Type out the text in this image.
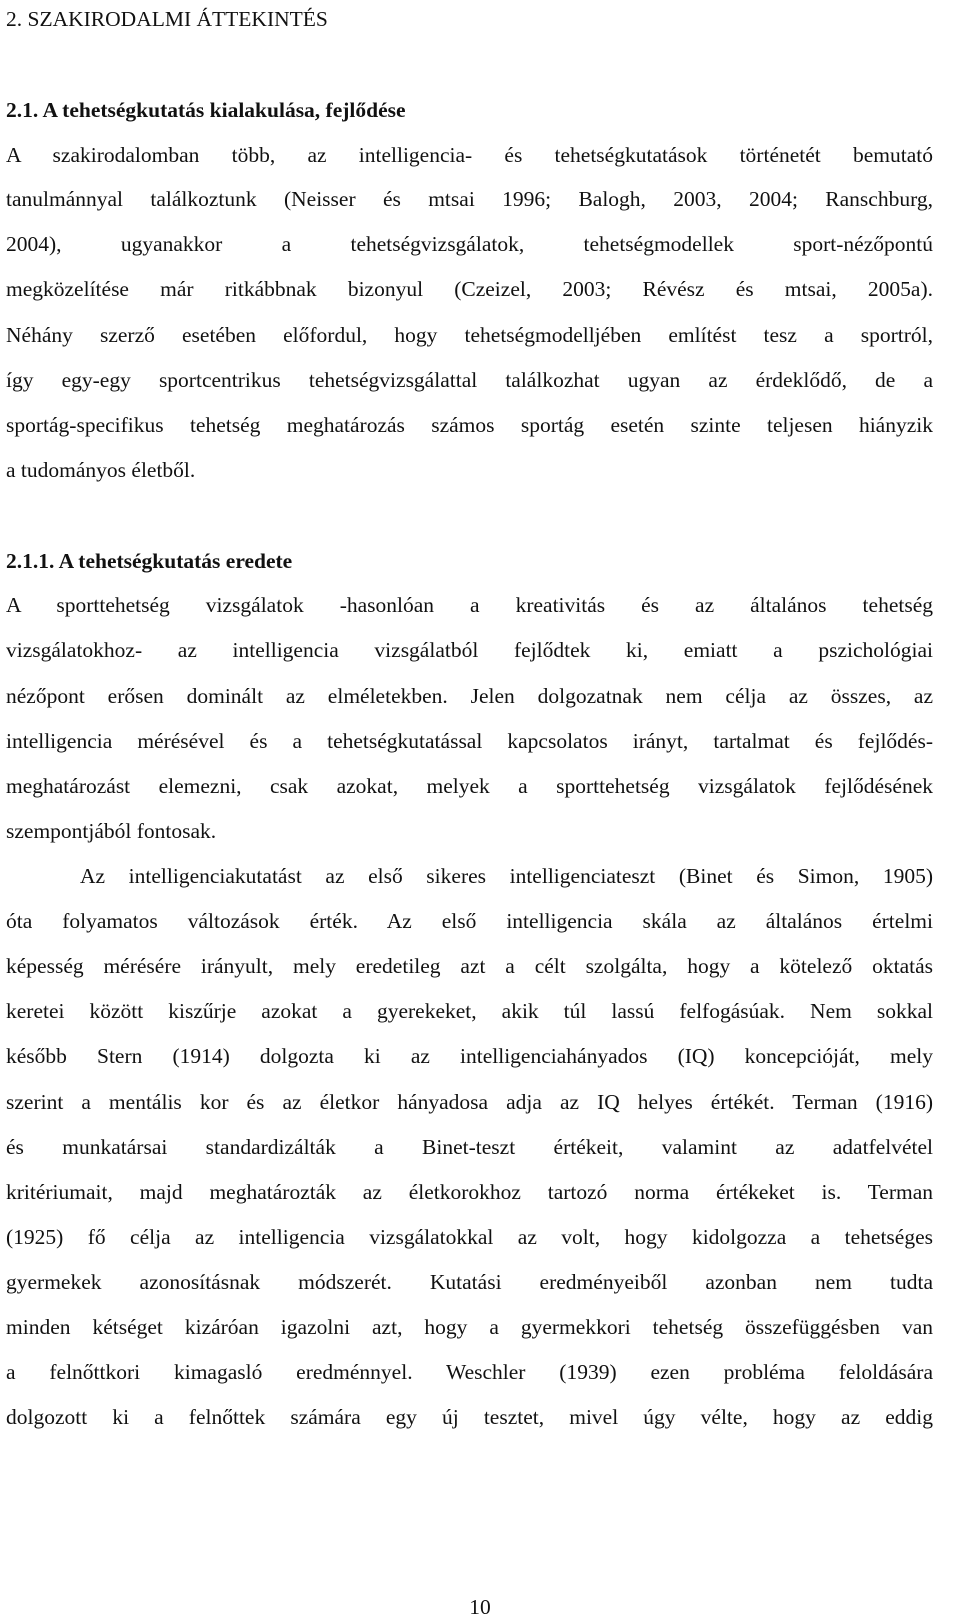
2. SZAKIRODALMI ÁTTEKINTÉS
2.1. A tehetségkutatás kialakulása, fejlődése
A szakirodalomban több, az intelligencia- és tehetségkutatások történetét bemutató
tanulmánnyal találkoztunk (Neisser és mtsai 1996; Balogh, 2003, 2004; Ranschburg,
2004), ugyanakkor a tehetségvizsgálatok, tehetségmodellek sport-nézőpontú
megközelítése már ritkábbnak bizonyul (Czeizel, 2003; Révész és mtsai, 2005a).
Néhány szerző esetében előfordul, hogy tehetségmodelljében említést tesz a sportról,
így egy-egy sportcentrikus tehetségvizsgálattal találkozhat ugyan az érdeklődő, de a
sportág-specifikus tehetség meghatározás számos sportág esetén szinte teljesen hiányzik
a tudományos életből.
2.1.1. A tehetségkutatás eredete
A sporttehetség vizsgálatok -hasonlóan a kreativitás és az általános tehetség
vizsgálatokhoz- az intelligencia vizsgálatból fejlődtek ki, emiatt a pszichológiai
nézőpont erősen dominált az elméletekben. Jelen dolgozatnak nem célja az összes, az
intelligencia mérésével és a tehetségkutatással kapcsolatos irányt, tartalmat és fejlődés-
meghatározást elemezni, csak azokat, melyek a sporttehetség vizsgálatok fejlődésének
szempontjából fontosak.
Az intelligenciakutatást az első sikeres intelligenciateszt (Binet és Simon, 1905)
óta folyamatos változások érték. Az első intelligencia skála az általános értelmi
képesség mérésére irányult, mely eredetileg azt a célt szolgálta, hogy a kötelező oktatás
keretei között kiszűrje azokat a gyerekeket, akik túl lassú felfogásúak. Nem sokkal
később Stern (1914) dolgozta ki az intelligenciahányados (IQ) koncepcióját, mely
szerint a mentális kor és az életkor hányadosa adja az IQ helyes értékét. Terman (1916)
és munkatársai standardizálták a Binet-teszt értékeit, valamint az adatfelvétel
kritériumait, majd meghatározták az életkorokhoz tartozó norma értékeket is. Terman
(1925) fő célja az intelligencia vizsgálatokkal az volt, hogy kidolgozza a tehetséges
gyermekek azonosításnak módszerét. Kutatási eredményeiből azonban nem tudta
minden kétséget kizáróan igazolni azt, hogy a gyermekkori tehetség összefüggésben van
a felnőttkori kimagasló eredménnyel. Weschler (1939) ezen probléma feloldására
dolgozott ki a felnőttek számára egy új tesztet, mivel úgy vélte, hogy az eddig
10
